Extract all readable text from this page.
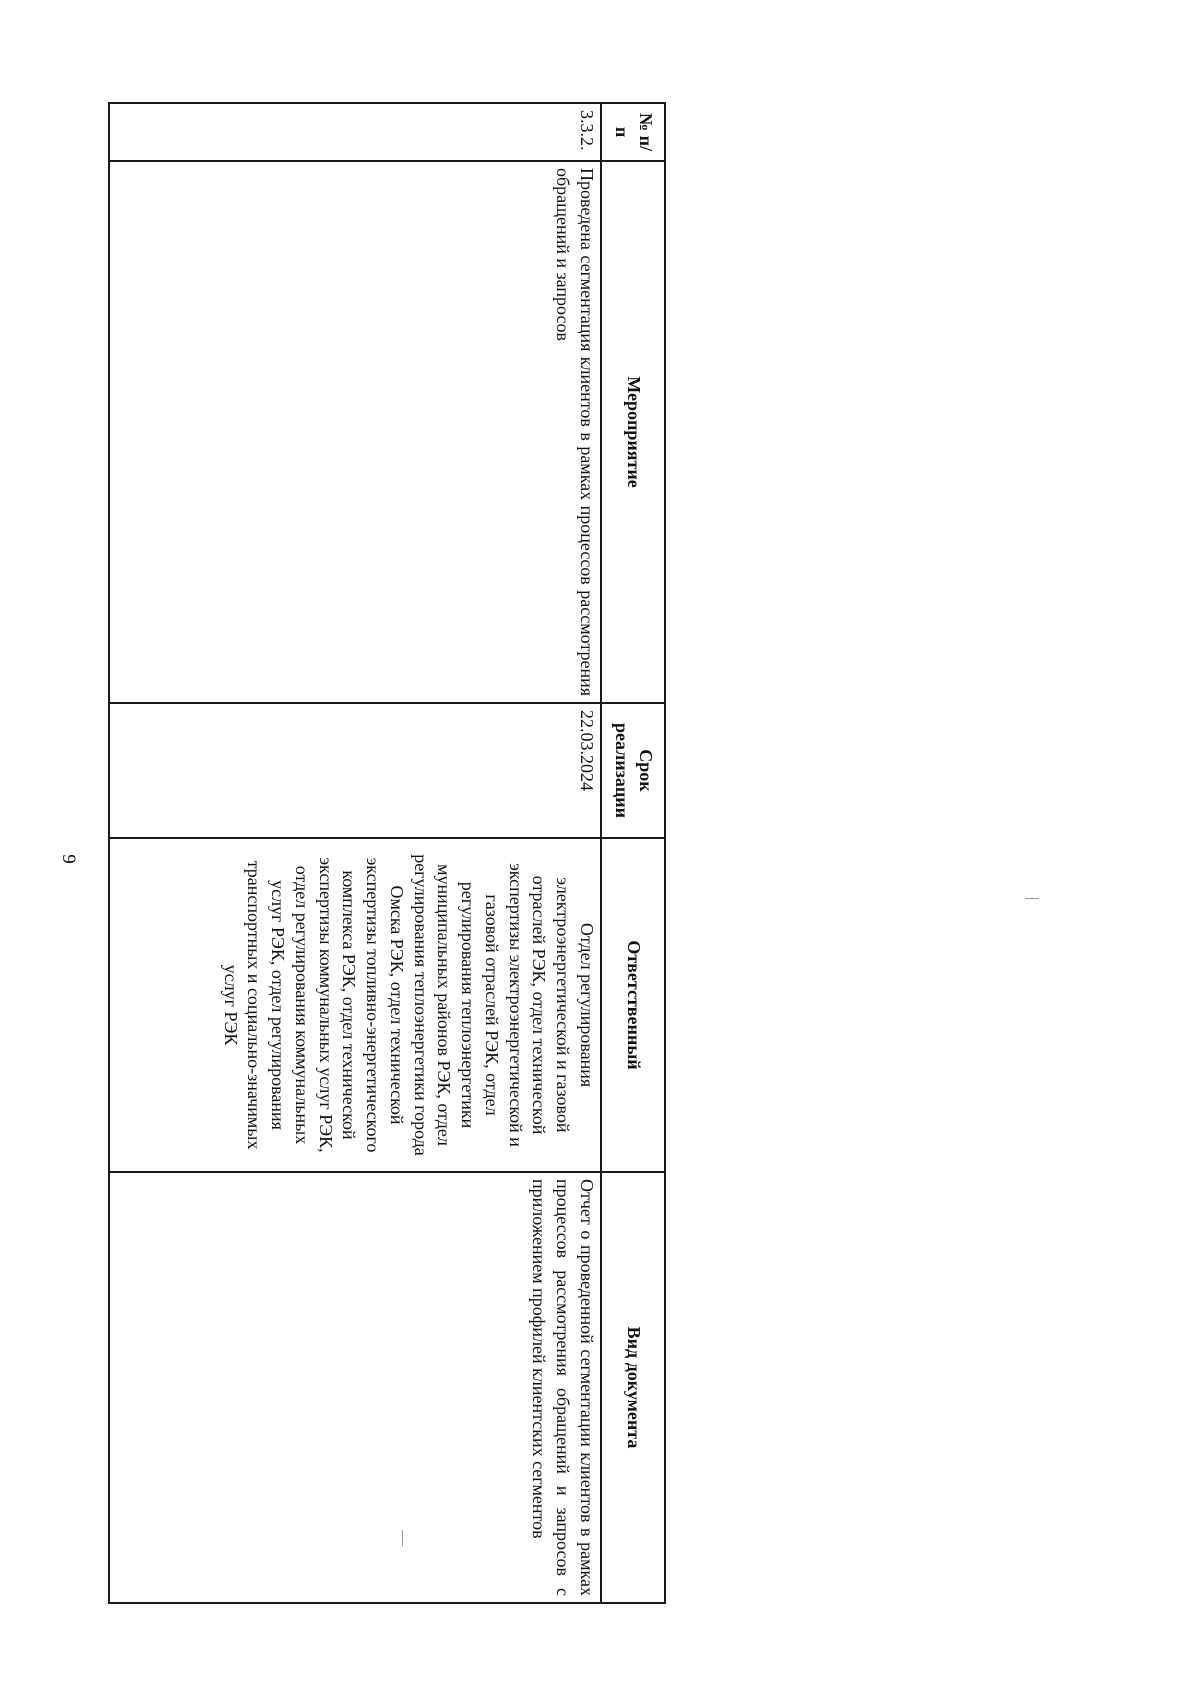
9
№ п/п	Мероприятие	Срок реализации	Ответственный	Вид документа
3.3.2.	Проведена сегментация клиентов в рамках процессов рассмотрения обращений и запросов	22.03.2024	Отдел регулирования электроэнергетической и газовой отраслей РЭК, отдел технической экспертизы электроэнергетической и газовой отраслей РЭК, отдел регулирования теплоэнергетики муниципальных районов РЭК, отдел регулирования теплоэнергетики города Омска РЭК, отдел технической экспертизы топливно-энергетического комплекса РЭК, отдел технической экспертизы коммунальных услуг РЭК, отдел регулирования коммунальных услуг РЭК, отдел регулирования транспортных и социально-значимых услуг РЭК	Отчет о проведенной сегментации клиентов в рамках процессов рассмотрения обращений и запросов с приложением профилей клиентских сегментов
